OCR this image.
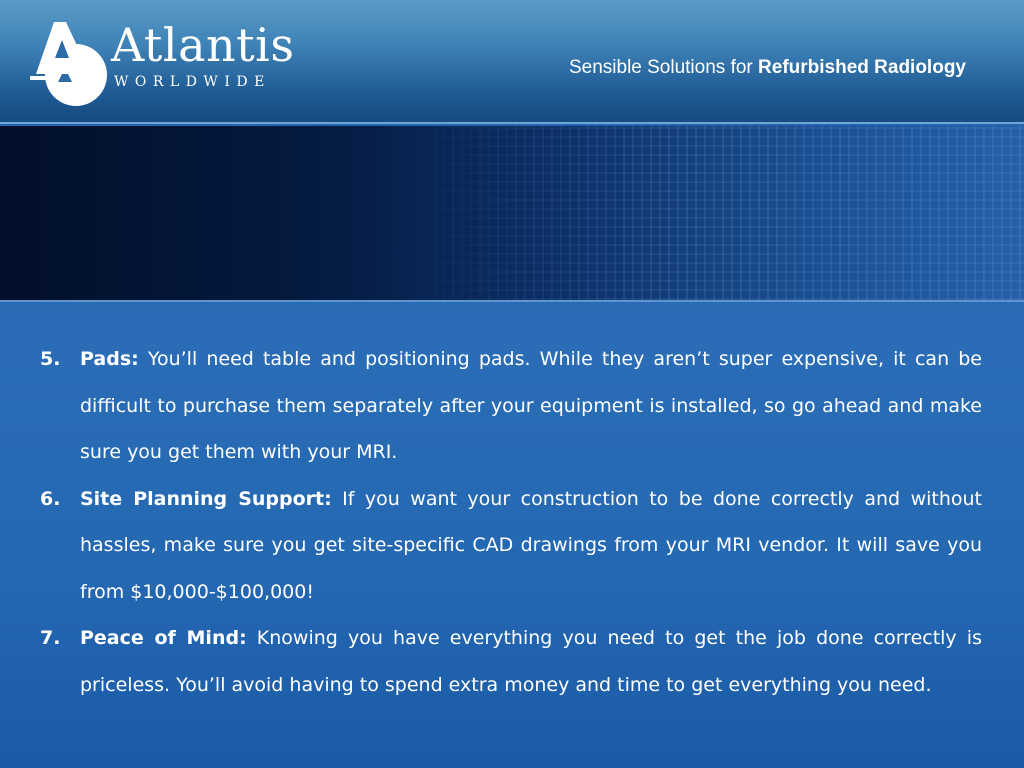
Atlantis
WORLDWIDE
Sensible Solutions for Refurbished Radiology
5. Pads: You’ll need table and positioning pads. While they aren’t super expensive, it can be difficult to purchase them separately after your equipment is installed, so go ahead and make sure you get them with your MRI.
6. Site Planning Support: If you want your construction to be done correctly and without hassles, make sure you get site-specific CAD drawings from your MRI vendor. It will save you from $10,000-$100,000!
7. Peace of Mind: Knowing you have everything you need to get the job done correctly is priceless. You’ll avoid having to spend extra money and time to get everything you need.
